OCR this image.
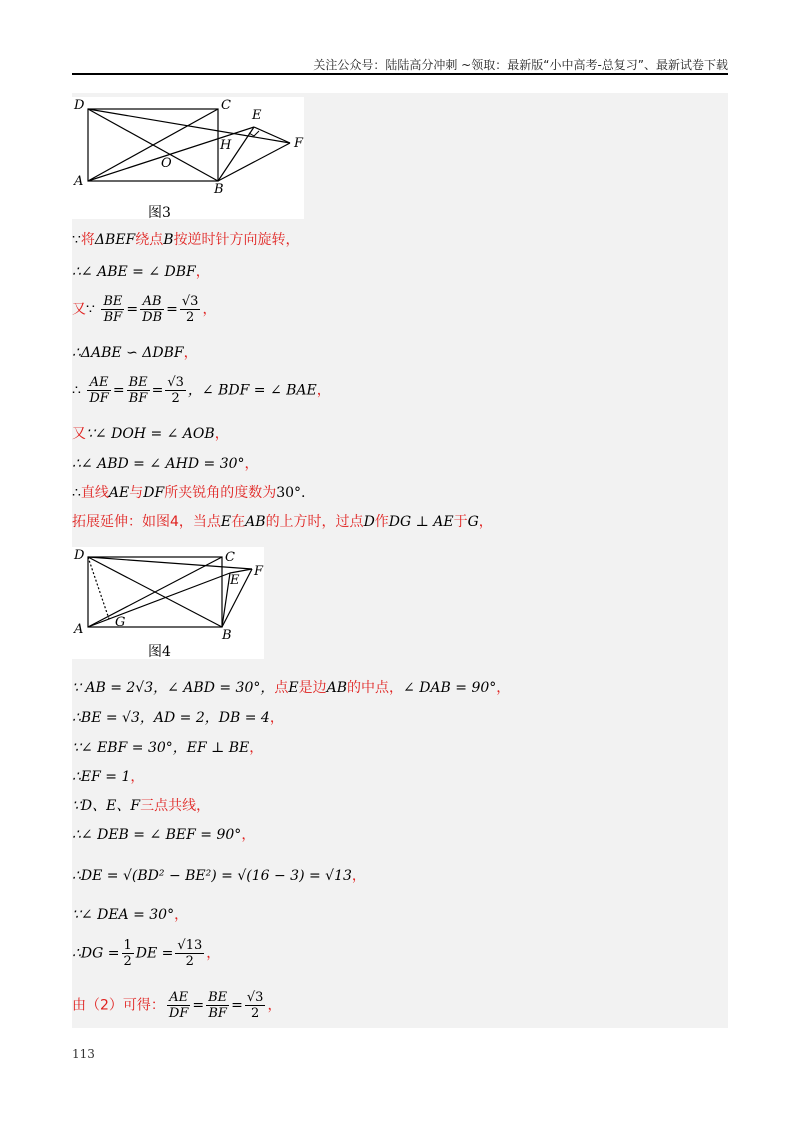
关注公众号：陆陆高分冲刺 ~领取：最新版“小中高考-总复习”、最新试卷下载
D	C
E
F
H
O
A
B
图3
∵将ΔBEF绕点B按逆时针方向旋转，
∴∠ ABE = ∠ DBF，
又∵ $\frac{BE}{BF} = \frac{AB}{DB} = \frac{√3}{2}$ ，
∴ΔABE ∽ ΔDBF，
∴ $\frac{AE}{DF} = \frac{BE}{BF} = \frac{√3}{2}$ ，∠ BDF = ∠ BAE，
又∵∠ DOH = ∠ AOB，
∴∠ ABD = ∠ AHD = 30°，
∴直线AE与DF所夹锐角的度数为30°.
拓展延伸：如图4，当点E在AB的上方时，过点D作DG ⊥ AE于G，
D	C
E
F
G
A	B
图4
∵ AB = 2√3，∠ ABD = 30°，点E是边AB的中点，∠ DAB = 90°，
∴BE = √3，AD = 2，DB = 4，
∵∠ EBF = 30°，EF ⊥ BE，
∴EF = 1，
∵D、E、F三点共线，
∴∠ DEB = ∠ BEF = 90°，
∴DE = √(BD² − BE²) = √(16 − 3) = √13，
∵∠ DEA = 30°，
∴DG = $\frac{1}{2}$ DE = $\frac{√13}{2}$ ，
由（2）可得： $\frac{AE}{DF} = \frac{BE}{BF} = \frac{√3}{2}$ ，
113
